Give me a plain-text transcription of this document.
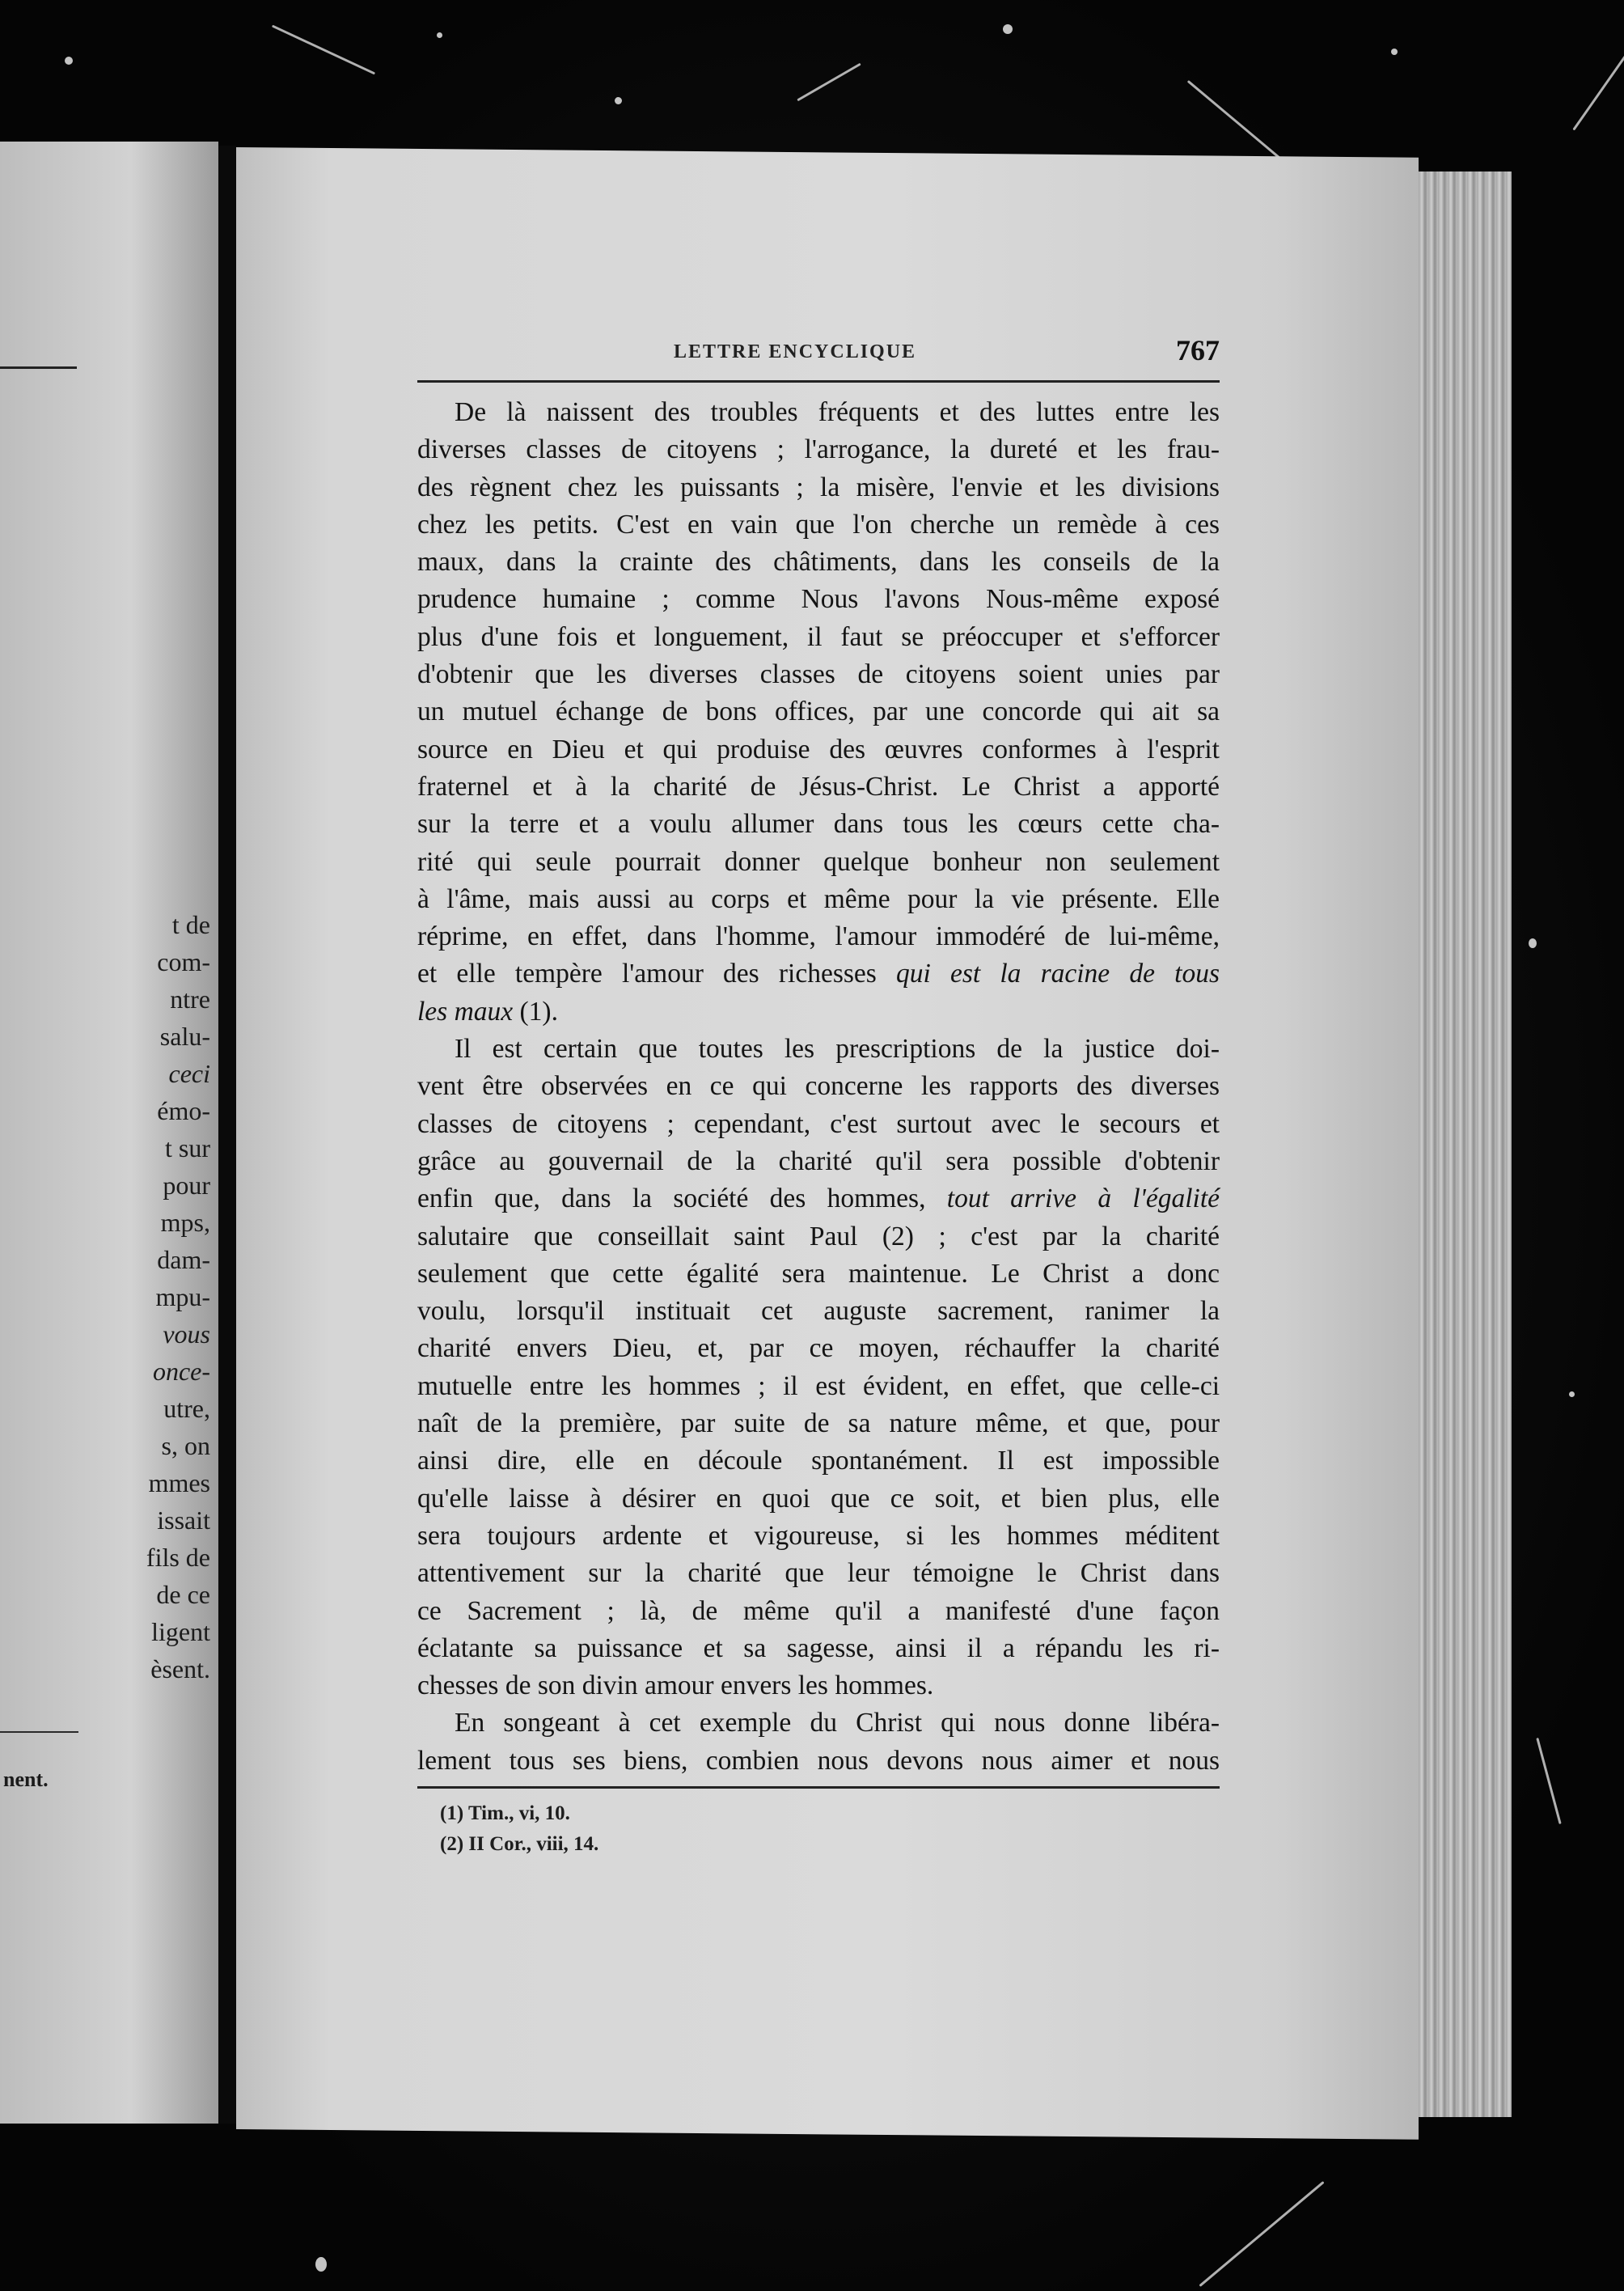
t de
com-
ntre
salu-
ceci
émo-
t sur
pour
mps,
dam-
mpu-
vous
once-
utre,
s, on
mmes
issait
fils de
de ce
ligent
èsent.
nent.
LETTRE ENCYCLIQUE	767

De là naissent des troubles fréquents et des luttes entre les
diverses classes de citoyens ; l'arrogance, la dureté et les frau-
des règnent chez les puissants ; la misère, l'envie et les divisions
chez les petits. C'est en vain que l'on cherche un remède à ces
maux, dans la crainte des châtiments, dans les conseils de la
prudence humaine ; comme Nous l'avons Nous-même exposé
plus d'une fois et longuement, il faut se préoccuper et s'efforcer
d'obtenir que les diverses classes de citoyens soient unies par
un mutuel échange de bons offices, par une concorde qui ait sa
source en Dieu et qui produise des œuvres conformes à l'esprit
fraternel et à la charité de Jésus-Christ. Le Christ a apporté
sur la terre et a voulu allumer dans tous les cœurs cette cha-
rité qui seule pourrait donner quelque bonheur non seulement
à l'âme, mais aussi au corps et même pour la vie présente. Elle
réprime, en effet, dans l'homme, l'amour immodéré de lui-même,
et elle tempère l'amour des richesses qui est la racine de tous
les maux (1).

Il est certain que toutes les prescriptions de la justice doi-
vent être observées en ce qui concerne les rapports des diverses
classes de citoyens ; cependant, c'est surtout avec le secours et
grâce au gouvernail de la charité qu'il sera possible d'obtenir
enfin que, dans la société des hommes, tout arrive à l'égalité
salutaire que conseillait saint Paul (2) ; c'est par la charité
seulement que cette égalité sera maintenue. Le Christ a donc
voulu, lorsqu'il instituait cet auguste sacrement, ranimer la
charité envers Dieu, et, par ce moyen, réchauffer la charité
mutuelle entre les hommes ; il est évident, en effet, que celle-ci
naît de la première, par suite de sa nature même, et que, pour
ainsi dire, elle en découle spontanément. Il est impossible
qu'elle laisse à désirer en quoi que ce soit, et bien plus, elle
sera toujours ardente et vigoureuse, si les hommes méditent
attentivement sur la charité que leur témoigne le Christ dans
ce Sacrement ; là, de même qu'il a manifesté d'une façon
éclatante sa puissance et sa sagesse, ainsi il a répandu les ri-
chesses de son divin amour envers les hommes.

En songeant à cet exemple du Christ qui nous donne libéra-
lement tous ses biens, combien nous devons nous aimer et nous

(1) Tim., vi, 10.
(2) II Cor., viii, 14.
